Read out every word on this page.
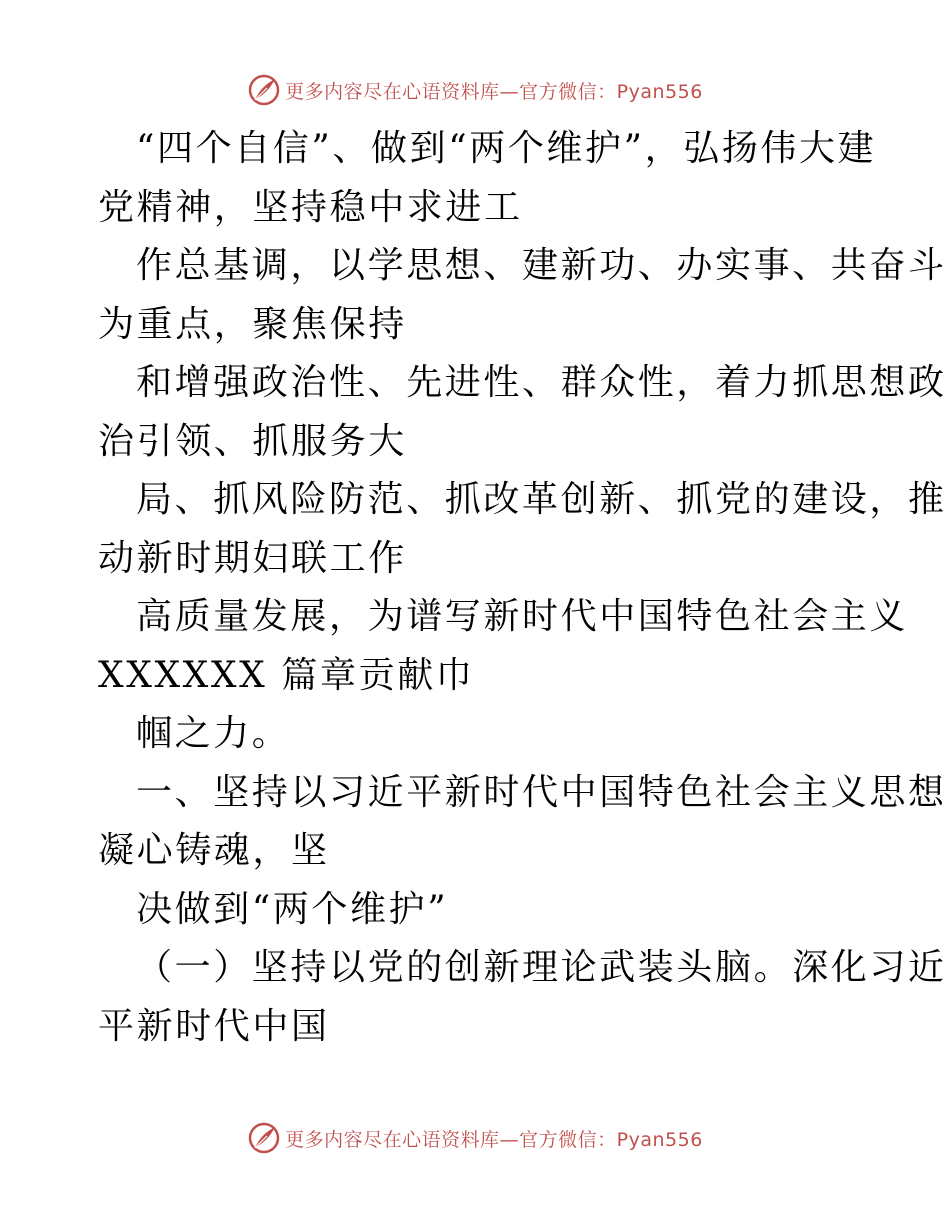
更多内容尽在心语资料库—官方微信：Pyan556
“四个自信”、做到“两个维护”，弘扬伟大建
党精神，坚持稳中求进工
作总基调，以学思想、建新功、办实事、共奋斗
为重点，聚焦保持
和增强政治性、先进性、群众性，着力抓思想政
治引领、抓服务大
局、抓风险防范、抓改革创新、抓党的建设，推
动新时期妇联工作
高质量发展，为谱写新时代中国特色社会主义
XXXXXX 篇章贡献巾
帼之力。
一、坚持以习近平新时代中国特色社会主义思想
凝心铸魂，坚
决做到“两个维护”
（一）坚持以党的创新理论武装头脑。深化习近
平新时代中国
更多内容尽在心语资料库—官方微信：Pyan556
